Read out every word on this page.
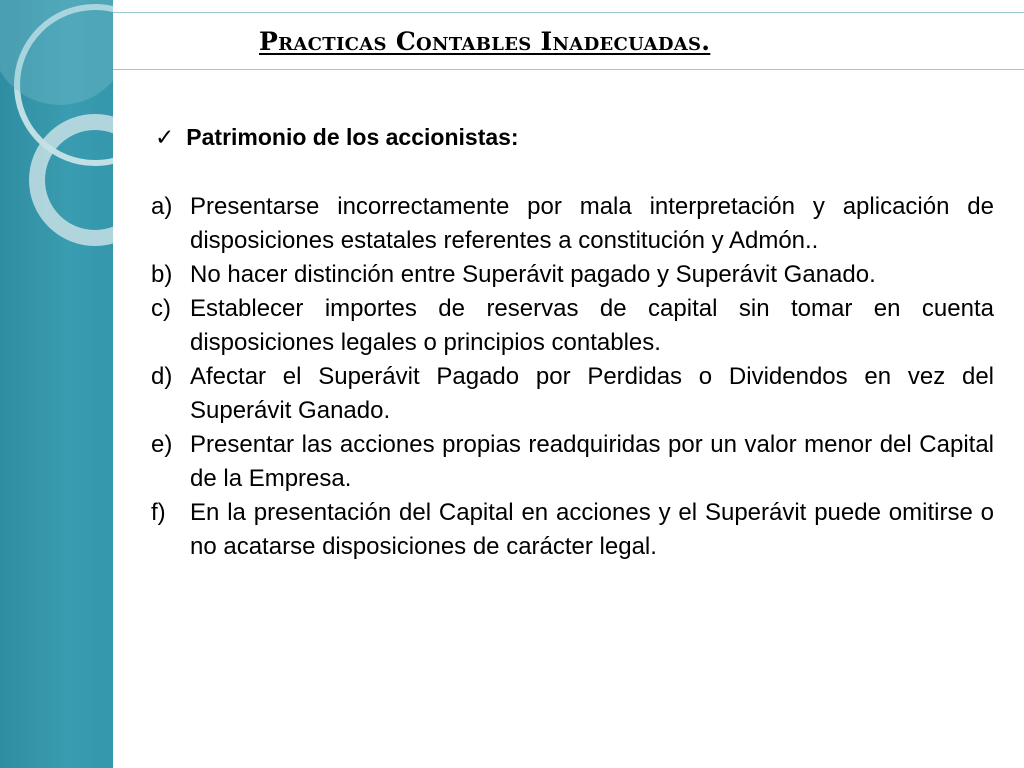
Practicas Contables Inadecuadas.
✓ Patrimonio de los accionistas:
a) Presentarse incorrectamente por mala interpretación y aplicación de disposiciones estatales referentes a constitución y Admón..
b) No hacer distinción entre Superávit pagado y Superávit Ganado.
c) Establecer importes de reservas de capital sin tomar en cuenta disposiciones legales o principios contables.
d) Afectar el Superávit Pagado por Perdidas o Dividendos en vez del Superávit Ganado.
e) Presentar las acciones propias readquiridas por un valor menor del Capital de la Empresa.
f) En la presentación del Capital en acciones y el Superávit puede omitirse o no acatarse disposiciones de carácter legal.
